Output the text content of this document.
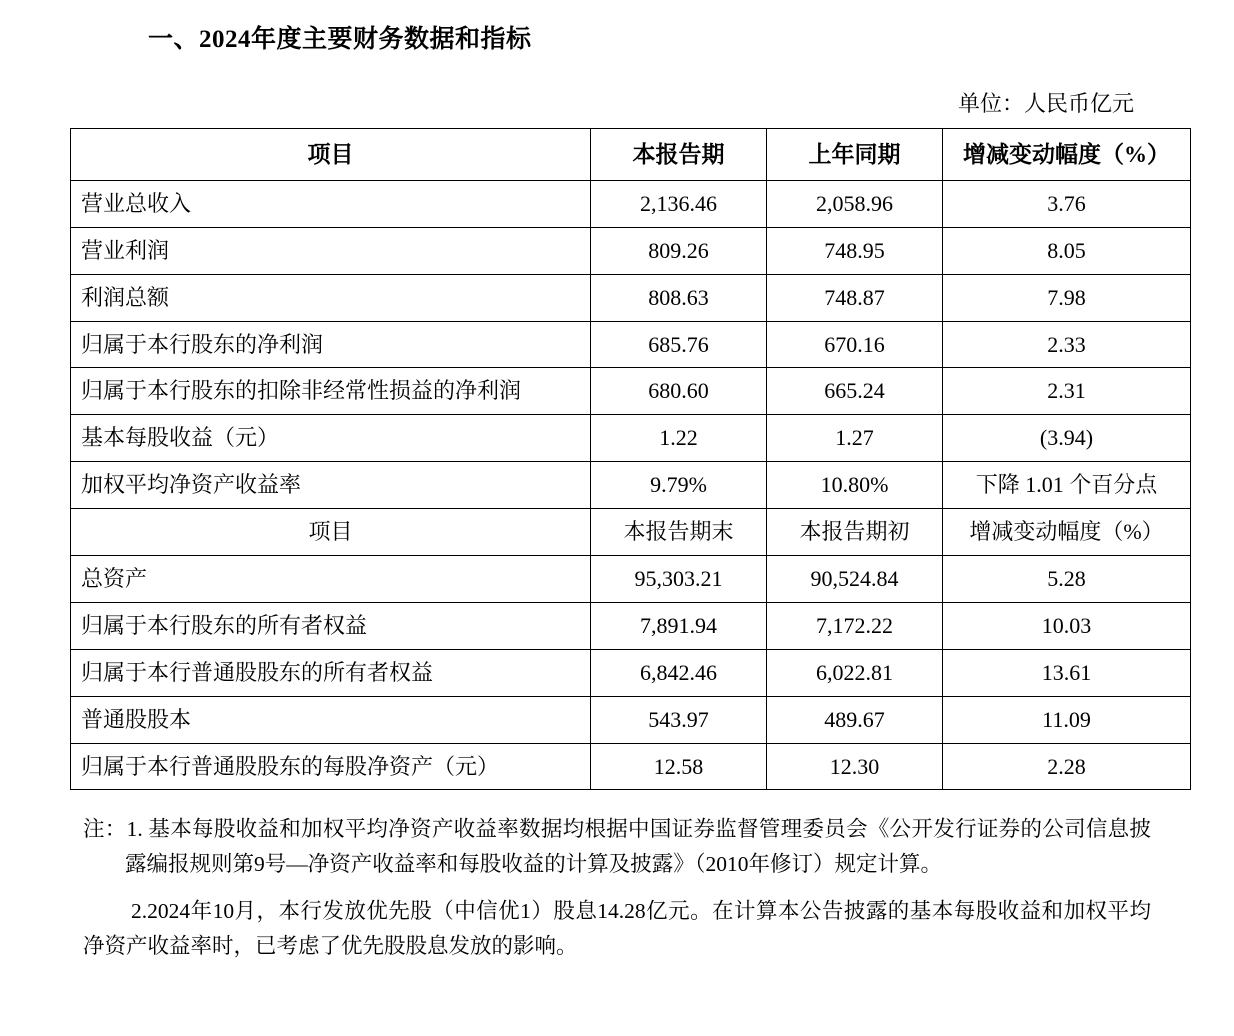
一、2024年度主要财务数据和指标
单位：人民币亿元
项目	本报告期	上年同期	增减变动幅度（%）
营业总收入	2,136.46	2,058.96	3.76
营业利润	809.26	748.95	8.05
利润总额	808.63	748.87	7.98
归属于本行股东的净利润	685.76	670.16	2.33
归属于本行股东的扣除非经常性损益的净利润	680.60	665.24	2.31
基本每股收益（元）	1.22	1.27	(3.94)
加权平均净资产收益率	9.79%	10.80%	下降 1.01 个百分点
项目	本报告期末	本报告期初	增减变动幅度（%）
总资产	95,303.21	90,524.84	5.28
归属于本行股东的所有者权益	7,891.94	7,172.22	10.03
归属于本行普通股股东的所有者权益	6,842.46	6,022.81	13.61
普通股股本	543.97	489.67	11.09
归属于本行普通股股东的每股净资产（元）	12.58	12.30	2.28
注：1. 基本每股收益和加权平均净资产收益率数据均根据中国证券监督管理委员会《公开发行证券的公司信息披露编报规则第9号—净资产收益率和每股收益的计算及披露》（2010年修订）规定计算。
2.2024年10月，本行发放优先股（中信优1）股息14.28亿元。在计算本公告披露的基本每股收益和加权平均净资产收益率时，已考虑了优先股股息发放的影响。
